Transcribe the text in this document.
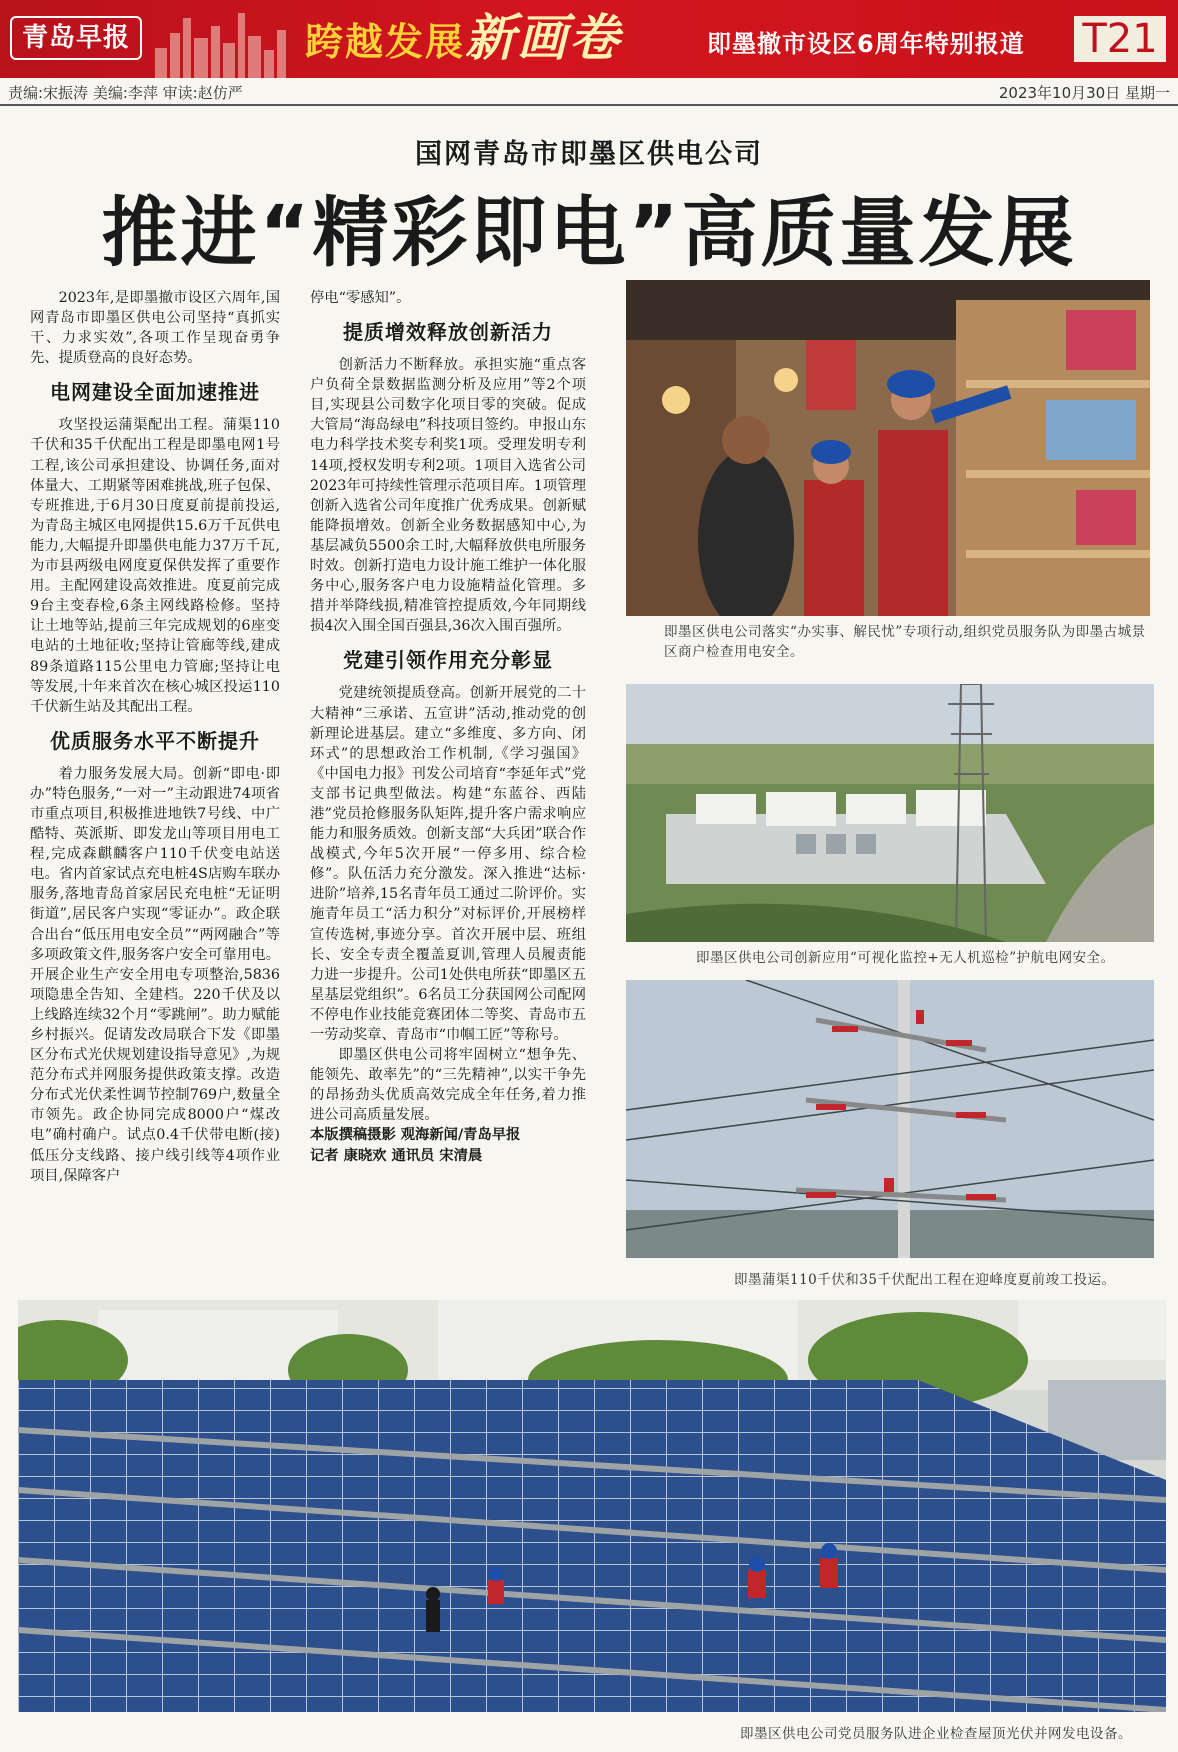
青岛早报	跨越发展新画卷	即墨撤市设区6周年特别报道 T21
责编:宋振涛 美编:李萍 审读:赵仿严	2023年10月30日 星期一
国网青岛市即墨区供电公司
推进“精彩即电”高质量发展

2023年,是即墨撤市设区六周年,国网青岛市即墨区供电公司坚持“真抓实干、力求实效”,各项工作呈现奋勇争先、提质登高的良好态势。

电网建设全面加速推进

攻坚投运蒲渠配出工程。蒲渠110千伏和35千伏配出工程是即墨电网1号工程,该公司承担建设、协调任务,面对体量大、工期紧等困难挑战,班子包保、专班推进,于6月30日度夏前提前投运,为青岛主城区电网提供15.6万千瓦供电能力,大幅提升即墨供电能力37万千瓦,为市县两级电网度夏保供发挥了重要作用。主配网建设高效推进。度夏前完成9台主变春检,6条主网线路检修。坚持让土地等站,提前三年完成规划的6座变电站的土地征收;坚持让管廊等线,建成89条道路115公里电力管廊;坚持让电等发展,十年来首次在核心城区投运110千伏新生站及其配出工程。

优质服务水平不断提升

着力服务发展大局。创新“即电·即办”特色服务,“一对一”主动跟进74项省市重点项目,积极推进地铁7号线、中广酷特、英派斯、即发龙山等项目用电工程,完成森麒麟客户110千伏变电站送电。省内首家试点充电桩4S店购车联办服务,落地青岛首家居民充电桩“无证明街道”,居民客户实现“零证办”。政企联合出台“低压用电安全员”“两网融合”等多项政策文件,服务客户安全可靠用电。开展企业生产安全用电专项整治,5836项隐患全告知、全建档。220千伏及以上线路连续32个月“零跳闸”。助力赋能乡村振兴。促请发改局联合下发《即墨区分布式光伏规划建设指导意见》,为规范分布式并网服务提供政策支撑。改造分布式光伏柔性调节控制769户,数量全市领先。政企协同完成8000户“煤改电”确村确户。试点0.4千伏带电断(接)低压分支线路、接户线引线等4项作业项目,保障客户

停电“零感知”。

提质增效释放创新活力

创新活力不断释放。承担实施“重点客户负荷全景数据监测分析及应用”等2个项目,实现县公司数字化项目零的突破。促成大管局“海岛绿电”科技项目签约。申报山东电力科学技术奖专利奖1项。受理发明专利14项,授权发明专利2项。1项目入选省公司2023年可持续性管理示范项目库。1项管理创新入选省公司年度推广优秀成果。创新赋能降损增效。创新全业务数据感知中心,为基层减负5500余工时,大幅释放供电所服务时效。创新打造电力设计施工维护一体化服务中心,服务客户电力设施精益化管理。多措并举降线损,精准管控提质效,今年同期线损4次入围全国百强县,36次入围百强所。

党建引领作用充分彰显

党建统领提质登高。创新开展党的二十大精神“三承诺、五宣讲”活动,推动党的创新理论进基层。建立“多维度、多方向、闭环式”的思想政治工作机制,《学习强国》《中国电力报》刊发公司培育“李延年式”党支部书记典型做法。构建“东蓝谷、西陆港”党员抢修服务队矩阵,提升客户需求响应能力和服务质效。创新支部“大兵团”联合作战模式,今年5次开展“一停多用、综合检修”。队伍活力充分激发。深入推进“达标·进阶”培养,15名青年员工通过二阶评价。实施青年员工“活力积分”对标评价,开展榜样宣传选树,事迹分享。首次开展中层、班组长、安全专责全覆盖夏训,管理人员履责能力进一步提升。公司1处供电所获“即墨区五星基层党组织”。6名员工分获国网公司配网不停电作业技能竞赛团体二等奖、青岛市五一劳动奖章、青岛市“巾帼工匠”等称号。

即墨区供电公司将牢固树立“想争先、能领先、敢率先”的“三先精神”,以实干争先的昂扬劲头优质高效完成全年任务,着力推进公司高质量发展。

本版撰稿摄影 观海新闻/青岛早报

记者 康晓欢 通讯员 宋清晨

即墨区供电公司落实“办实事、解民忧”专项行动,组织党员服务队为即墨古城景区商户检查用电安全。
即墨区供电公司创新应用“可视化监控+无人机巡检”护航电网安全。
即墨蒲渠110千伏和35千伏配出工程在迎峰度夏前竣工投运。
即墨区供电公司党员服务队进企业检查屋顶光伏并网发电设备。
